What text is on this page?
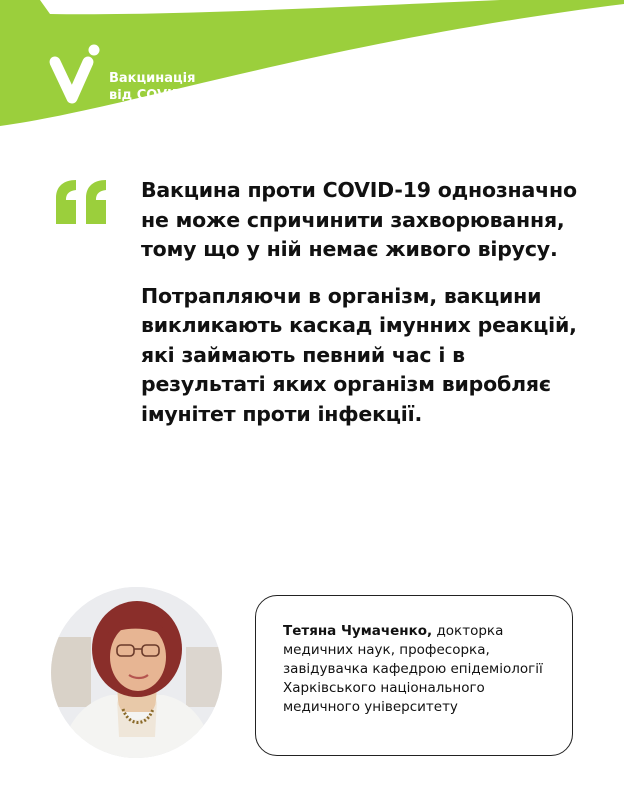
Вакцинація
від COVID-19

Вакцина проти COVID-19 однозначно не може спричинити захворювання, тому що у ній немає живого вірусу.

Потрапляючи в організм, вакцини викликають каскад імунних реакцій, які займають певний час і в результаті яких організм виробляє імунітет проти інфекції.

Тетяна Чумаченко, докторка медичних наук, професорка, завідувачка кафедрою епідеміології Харківського національного медичного університету
